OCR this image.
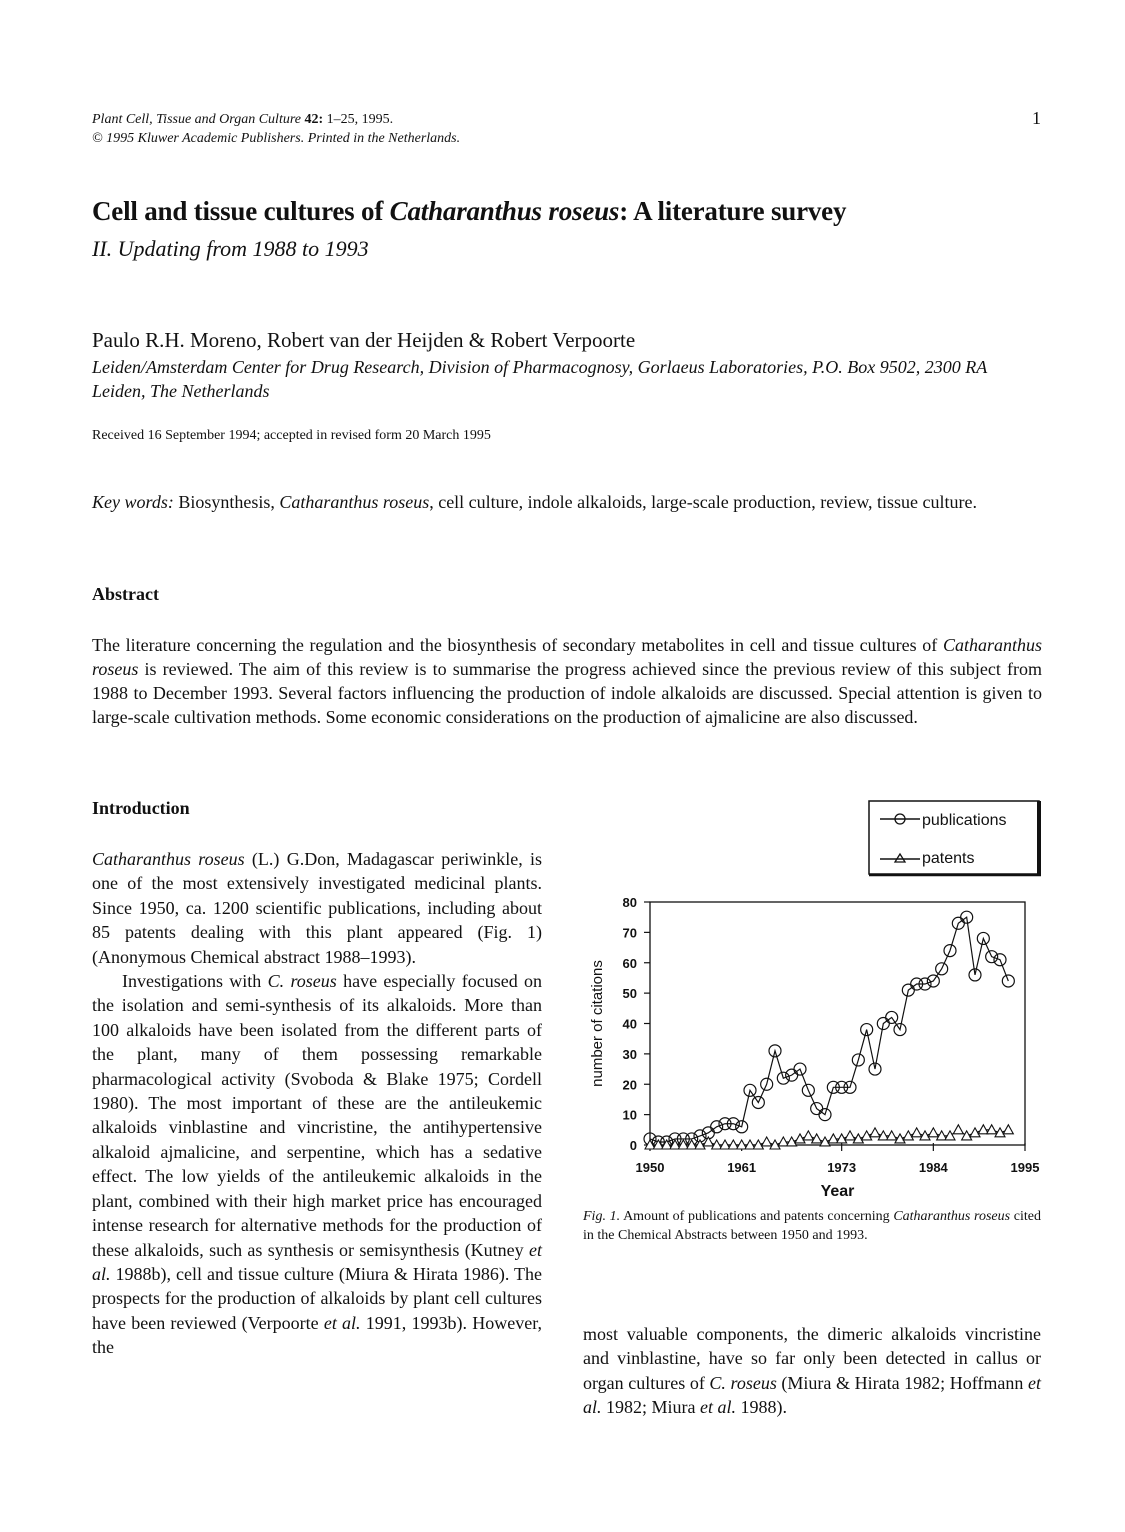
Plant Cell, Tissue and Organ Culture 42: 1–25, 1995.
© 1995 Kluwer Academic Publishers. Printed in the Netherlands.
1
Cell and tissue cultures of Catharanthus roseus: A literature survey
II. Updating from 1988 to 1993
Paulo R.H. Moreno, Robert van der Heijden & Robert Verpoorte
Leiden/Amsterdam Center for Drug Research, Division of Pharmacognosy, Gorlaeus Laboratories, P.O. Box 9502, 2300 RA Leiden, The Netherlands
Received 16 September 1994; accepted in revised form 20 March 1995
Key words: Biosynthesis, Catharanthus roseus, cell culture, indole alkaloids, large-scale production, review, tissue culture.
Abstract
The literature concerning the regulation and the biosynthesis of secondary metabolites in cell and tissue cultures of Catharanthus roseus is reviewed. The aim of this review is to summarise the progress achieved since the previous review of this subject from 1988 to December 1993. Several factors influencing the production of indole alkaloids are discussed. Special attention is given to large-scale cultivation methods. Some economic considerations on the production of ajmalicine are also discussed.
Introduction

Catharanthus roseus (L.) G.Don, Madagascar periwinkle, is one of the most extensively investigated medicinal plants. Since 1950, ca. 1200 scientific publications, including about 85 patents dealing with this plant appeared (Fig. 1) (Anonymous Chemical abstract 1988–1993).

Investigations with C. roseus have especially focused on the isolation and semi-synthesis of its alkaloids. More than 100 alkaloids have been isolated from the different parts of the plant, many of them possessing remarkable pharmacological activity (Svoboda & Blake 1975; Cordell 1980). The most important of these are the antileukemic alkaloids vinblastine and vincristine, the antihypertensive alkaloid ajmalicine, and serpentine, which has a sedative effect. The low yields of the antileukemic alkaloids in the plant, combined with their high market price has encouraged intense research for alternative methods for the production of these alkaloids, such as synthesis or semisynthesis (Kutney et al. 1988b), cell and tissue culture (Miura & Hirata 1986). The prospects for the production of alkaloids by plant cell cultures have been reviewed (Verpoorte et al. 1991, 1993b). However, the

most valuable components, the dimeric alkaloids vincristine and vinblastine, have so far only been detected in callus or organ cultures of C. roseus (Miura & Hirata 1982; Hoffmann et al. 1982; Miura et al. 1988).

publications
patents
0
10
20
30
40
50
60
70
80
1950	1961	1973	1984	1995
Year
number of citations
Fig. 1. Amount of publications and patents concerning Catharanthus roseus cited in the Chemical Abstracts between 1950 and 1993.
